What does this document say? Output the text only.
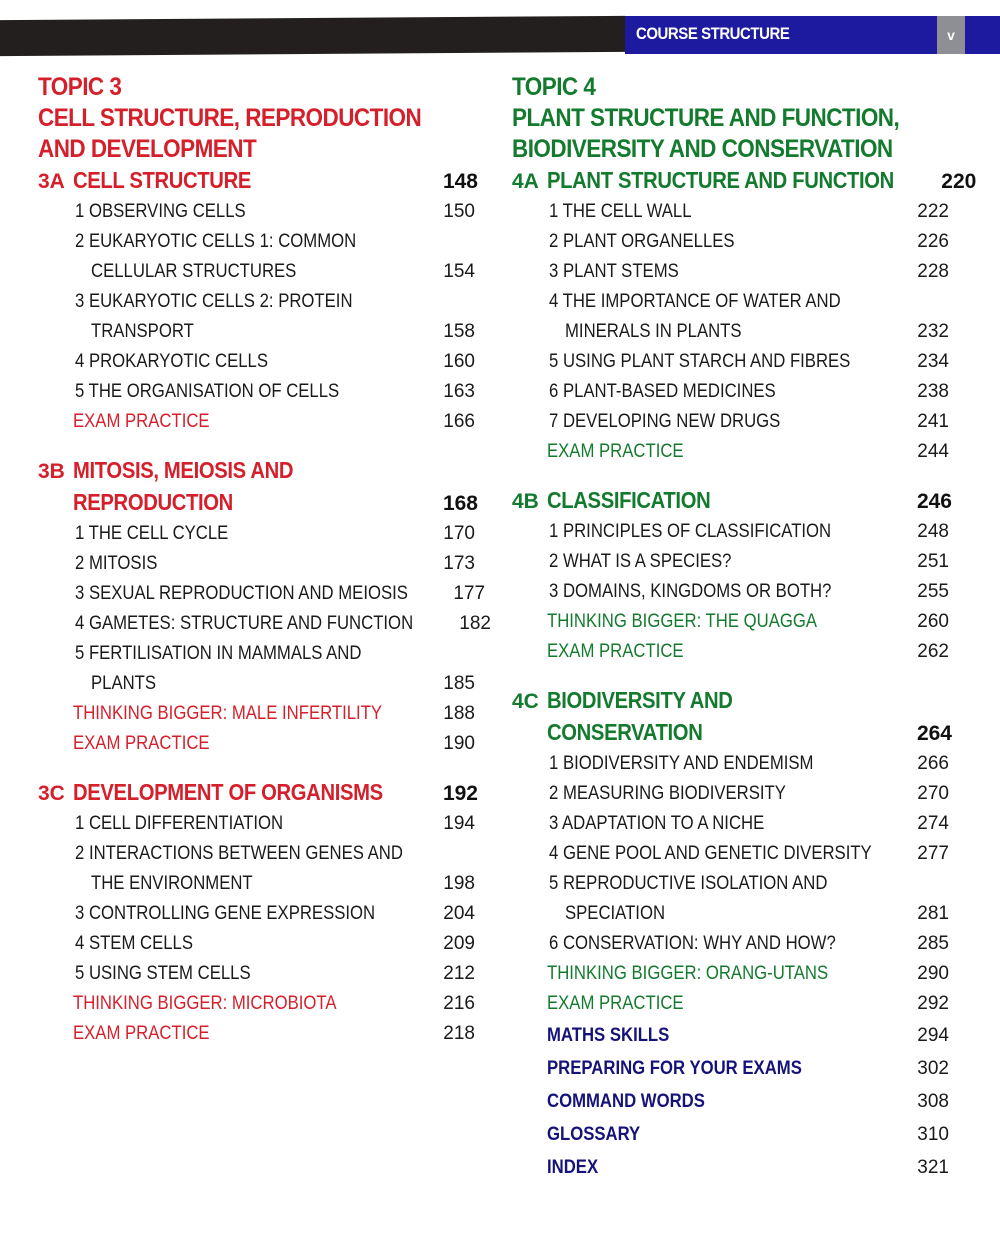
COURSE STRUCTURE	v
TOPIC 3
CELL STRUCTURE, REPRODUCTION
AND DEVELOPMENT
3A CELL STRUCTURE	148
1 OBSERVING CELLS	150
2 EUKARYOTIC CELLS 1: COMMON
CELLULAR STRUCTURES	154
3 EUKARYOTIC CELLS 2: PROTEIN
TRANSPORT	158
4 PROKARYOTIC CELLS	160
5 THE ORGANISATION OF CELLS	163
EXAM PRACTICE	166
3B MITOSIS, MEIOSIS AND
REPRODUCTION	168
1 THE CELL CYCLE	170
2 MITOSIS	173
3 SEXUAL REPRODUCTION AND MEIOSIS 177
4 GAMETES: STRUCTURE AND FUNCTION 182
5 FERTILISATION IN MAMMALS AND
PLANTS	185
THINKING BIGGER: MALE INFERTILITY	188
EXAM PRACTICE	190
3C DEVELOPMENT OF ORGANISMS	192
1 CELL DIFFERENTIATION	194
2 INTERACTIONS BETWEEN GENES AND
THE ENVIRONMENT	198
3 CONTROLLING GENE EXPRESSION	204
4 STEM CELLS	209
5 USING STEM CELLS	212
THINKING BIGGER: MICROBIOTA	216
EXAM PRACTICE	218
TOPIC 4
PLANT STRUCTURE AND FUNCTION,
BIODIVERSITY AND CONSERVATION
4A PLANT STRUCTURE AND FUNCTION	220
1 THE CELL WALL	222
2 PLANT ORGANELLES	226
3 PLANT STEMS	228
4 THE IMPORTANCE OF WATER AND
MINERALS IN PLANTS	232
5 USING PLANT STARCH AND FIBRES	234
6 PLANT-BASED MEDICINES	238
7 DEVELOPING NEW DRUGS	241
EXAM PRACTICE	244
4B CLASSIFICATION	246
1 PRINCIPLES OF CLASSIFICATION	248
2 WHAT IS A SPECIES?	251
3 DOMAINS, KINGDOMS OR BOTH?	255
THINKING BIGGER: THE QUAGGA	260
EXAM PRACTICE	262
4C BIODIVERSITY AND
CONSERVATION	264
1 BIODIVERSITY AND ENDEMISM	266
2 MEASURING BIODIVERSITY	270
3 ADAPTATION TO A NICHE	274
4 GENE POOL AND GENETIC DIVERSITY 277
5 REPRODUCTIVE ISOLATION AND
SPECIATION	281
6 CONSERVATION: WHY AND HOW?	285
THINKING BIGGER: ORANG-UTANS	290
EXAM PRACTICE	292
MATHS SKILLS	294
PREPARING FOR YOUR EXAMS	302
COMMAND WORDS	308
GLOSSARY	310
INDEX	321
